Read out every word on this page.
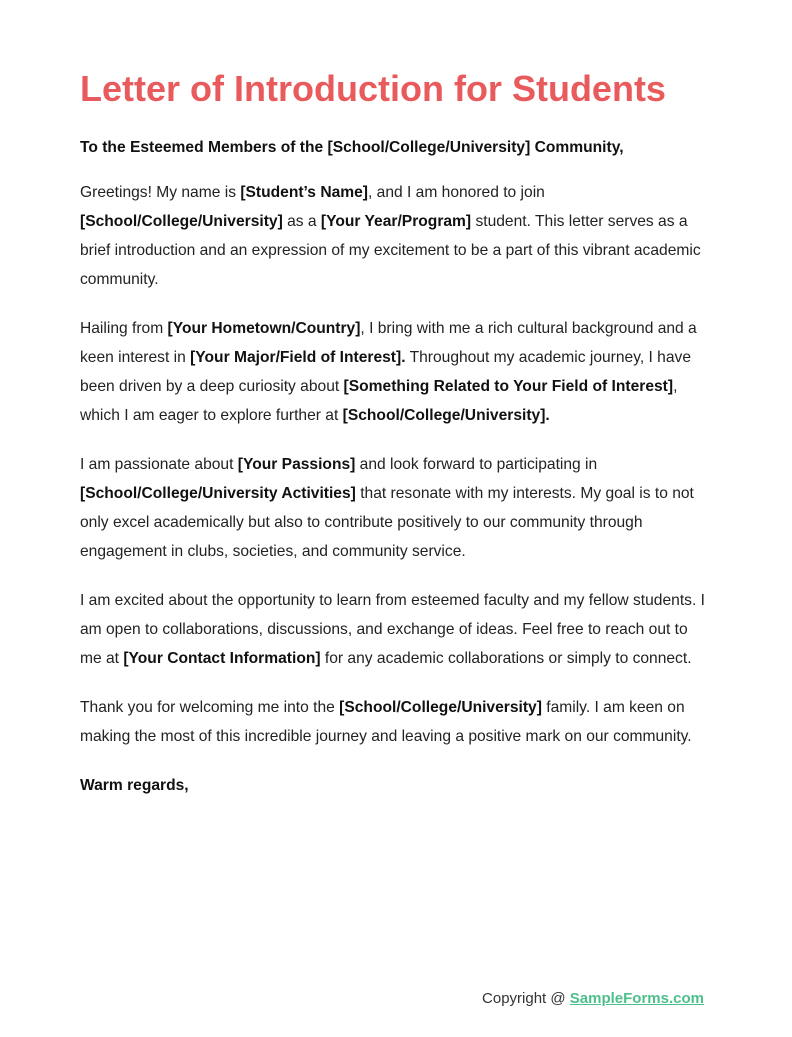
Letter of Introduction for Students

To the Esteemed Members of the [School/College/University] Community,

Greetings! My name is [Student’s Name], and I am honored to join [School/College/University] as a [Your Year/Program] student. This letter serves as a brief introduction and an expression of my excitement to be a part of this vibrant academic community.

Hailing from [Your Hometown/Country], I bring with me a rich cultural background and a keen interest in [Your Major/Field of Interest]. Throughout my academic journey, I have been driven by a deep curiosity about [Something Related to Your Field of Interest], which I am eager to explore further at [School/College/University].

I am passionate about [Your Passions] and look forward to participating in [School/College/University Activities] that resonate with my interests. My goal is to not only excel academically but also to contribute positively to our community through engagement in clubs, societies, and community service.

I am excited about the opportunity to learn from esteemed faculty and my fellow students. I am open to collaborations, discussions, and exchange of ideas. Feel free to reach out to me at [Your Contact Information] for any academic collaborations or simply to connect.

Thank you for welcoming me into the [School/College/University] family. I am keen on making the most of this incredible journey and leaving a positive mark on our community.

Warm regards,

Copyright @ SampleForms.com
